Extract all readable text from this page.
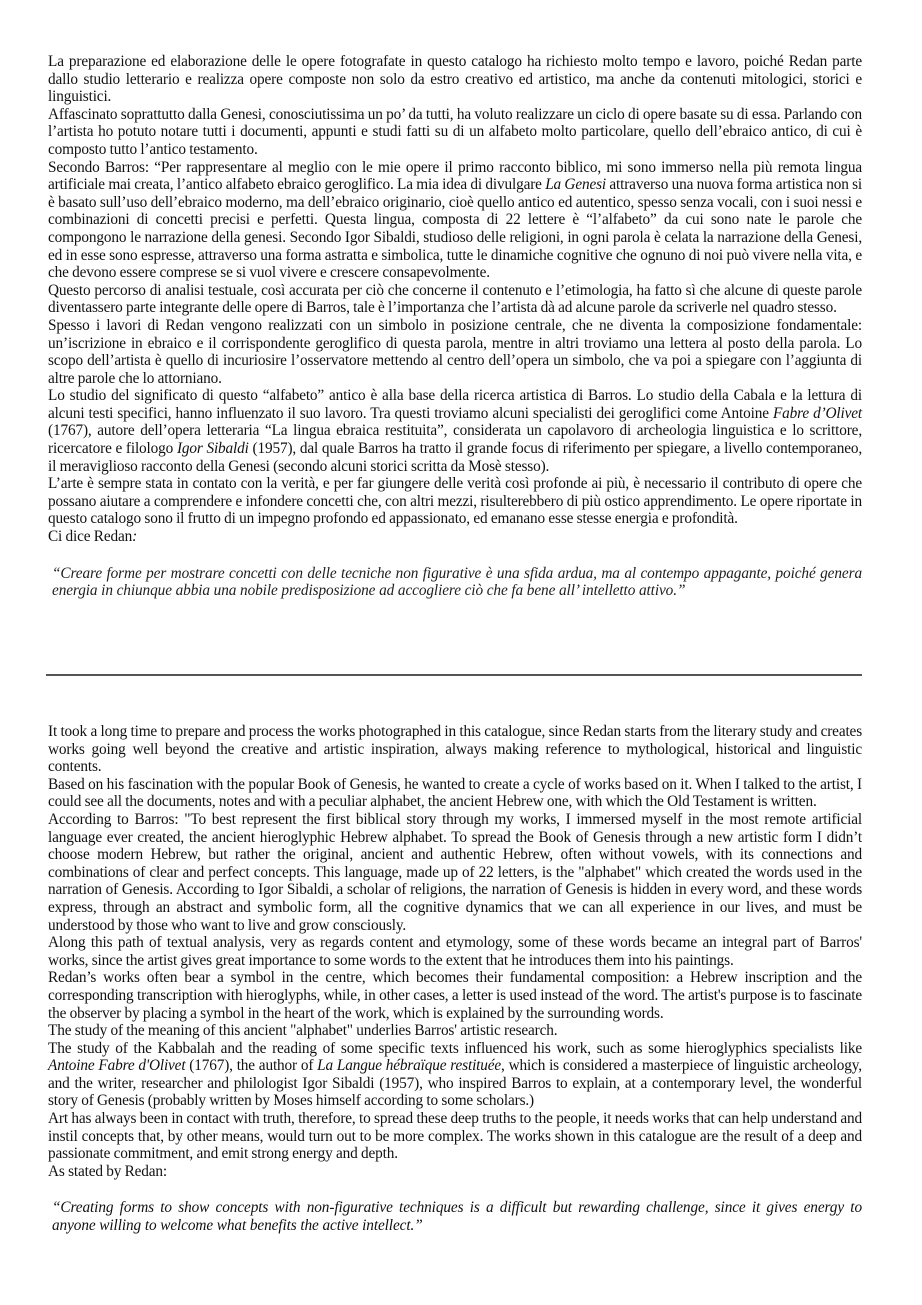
La preparazione ed elaborazione delle le opere fotografate in questo catalogo ha richiesto molto tempo e lavoro, poiché Redan parte dallo studio letterario e realizza opere composte non solo da estro creativo ed artistico, ma anche da contenuti mitologici, storici e linguistici.

Affascinato soprattutto dalla Genesi, conosciutissima un po’ da tutti, ha voluto realizzare un ciclo di opere basate su di essa. Parlando con l’artista ho potuto notare tutti i documenti, appunti e studi fatti su di un alfabeto molto particolare, quello dell’ebraico antico, di cui è composto tutto l’antico testamento.

Secondo Barros: “Per rappresentare al meglio con le mie opere il primo racconto biblico, mi sono immerso nella più remota lingua artificiale mai creata, l’antico alfabeto ebraico geroglifico. La mia idea di divulgare La Genesi attraverso una nuova forma artistica non si è basato sull’uso dell’ebraico moderno, ma dell’ebraico originario, cioè quello antico ed autentico, spesso senza vocali, con i suoi nessi e combinazioni di concetti precisi e perfetti. Questa lingua, composta di 22 lettere è “l’alfabeto” da cui sono nate le parole che compongono le narrazione della genesi. Secondo Igor Sibaldi, studioso delle religioni, in ogni parola è celata la narrazione della Genesi, ed in esse sono espresse, attraverso una forma astratta e simbolica, tutte le dinamiche cognitive che ognuno di noi può vivere nella vita, e che devono essere comprese se si vuol vivere e crescere consapevolmente.

Questo percorso di analisi testuale, così accurata per ciò che concerne il contenuto e l’etimologia, ha fatto sì che alcune di queste parole diventassero parte integrante delle opere di Barros, tale è l’importanza che l’artista dà ad alcune parole da scriverle nel quadro stesso.

Spesso i lavori di Redan vengono realizzati con un simbolo in posizione centrale, che ne diventa la composizione fondamentale: un’iscrizione in ebraico e il corrispondente geroglifico di questa parola, mentre in altri troviamo una lettera al posto della parola. Lo scopo dell’artista è quello di incuriosire l’osservatore mettendo al centro dell’opera un simbolo, che va poi a spiegare con l’aggiunta di altre parole che lo attorniano.

Lo studio del significato di questo “alfabeto” antico è alla base della ricerca artistica di Barros. Lo studio della Cabala e la lettura di alcuni testi specifici, hanno influenzato il suo lavoro. Tra questi troviamo alcuni specialisti dei geroglifici come Antoine Fabre d’Olivet (1767), autore dell’opera letteraria “La lingua ebraica restituita”, considerata un capolavoro di archeologia linguistica e lo scrittore, ricercatore e filologo Igor Sibaldi (1957), dal quale Barros ha tratto il grande focus di riferimento per spiegare, a livello contemporaneo, il meraviglioso racconto della Genesi (secondo alcuni storici scritta da Mosè stesso).

L’arte è sempre stata in contato con la verità, e per far giungere delle verità così profonde ai più, è necessario il contributo di opere che possano aiutare a comprendere e infondere concetti che, con altri mezzi, risulterebbero di più ostico apprendimento. Le opere riportate in questo catalogo sono il frutto di un impegno profondo ed appassionato, ed emanano esse stesse energia e profondità.

Ci dice Redan:

“Creare forme per mostrare concetti con delle tecniche non figurative è una sfida ardua, ma al contempo appagante, poiché genera energia in chiunque abbia una nobile predisposizione ad accogliere ciò che fa bene all’ intelletto attivo.”

It took a long time to prepare and process the works photographed in this catalogue, since Redan starts from the literary study and creates works going well beyond the creative and artistic inspiration, always making reference to mythological, historical and linguistic contents.

Based on his fascination with the popular Book of Genesis, he wanted to create a cycle of works based on it. When I talked to the artist, I could see all the documents, notes and with a peculiar alphabet, the ancient Hebrew one, with which the Old Testament is written.

According to Barros: "To best represent the first biblical story through my works, I immersed myself in the most remote artificial language ever created, the ancient hieroglyphic Hebrew alphabet. To spread the Book of Genesis through a new artistic form I didn’t choose modern Hebrew, but rather the original, ancient and authentic Hebrew, often without vowels, with its connections and combinations of clear and perfect concepts. This language, made up of 22 letters, is the "alphabet" which created the words used in the narration of Genesis. According to Igor Sibaldi, a scholar of religions, the narration of Genesis is hidden in every word, and these words express, through an abstract and symbolic form, all the cognitive dynamics that we can all experience in our lives, and must be understood by those who want to live and grow consciously.

Along this path of textual analysis, very as regards content and etymology, some of these words became an integral part of Barros' works, since the artist gives great importance to some words to the extent that he introduces them into his paintings.

Redan’s works often bear a symbol in the centre, which becomes their fundamental composition: a Hebrew inscription and the corresponding transcription with hieroglyphs, while, in other cases, a letter is used instead of the word. The artist's purpose is to fascinate the observer by placing a symbol in the heart of the work, which is explained by the surrounding words.

The study of the meaning of this ancient "alphabet" underlies Barros' artistic research.

The study of the Kabbalah and the reading of some specific texts influenced his work, such as some hieroglyphics specialists like Antoine Fabre d'Olivet (1767), the author of La Langue hébraïque restituée, which is considered a masterpiece of linguistic archeology, and the writer, researcher and philologist Igor Sibaldi (1957), who inspired Barros to explain, at a contemporary level, the wonderful story of Genesis (probably written by Moses himself according to some scholars.)

Art has always been in contact with truth, therefore, to spread these deep truths to the people, it needs works that can help understand and instil concepts that, by other means, would turn out to be more complex. The works shown in this catalogue are the result of a deep and passionate commitment, and emit strong energy and depth.

As stated by Redan:

“Creating forms to show concepts with non-figurative techniques is a difficult but rewarding challenge, since it gives energy to anyone willing to welcome what benefits the active intellect.”
